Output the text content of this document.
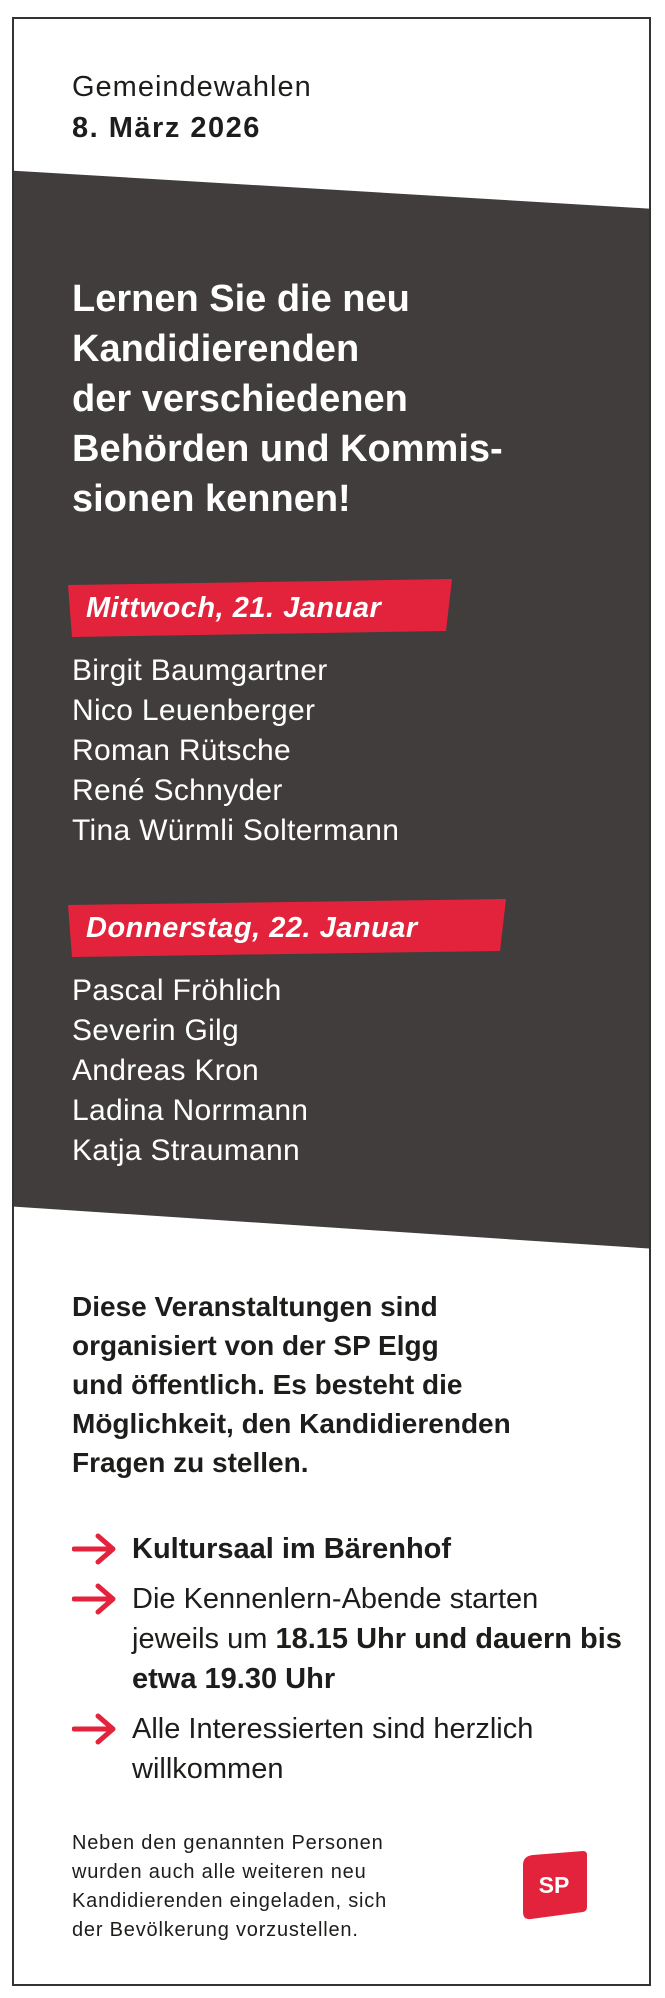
Gemeindewahlen
8. März 2026
Lernen Sie die neu
Kandidierenden
der verschiedenen
Behörden und Kommis-
sionen kennen!
Mittwoch, 21. Januar
Birgit Baumgartner
Nico Leuenberger
Roman Rütsche
René Schnyder
Tina Würmli Soltermann
Donnerstag, 22. Januar
Pascal Fröhlich
Severin Gilg
Andreas Kron
Ladina Norrmann
Katja Straumann

Diese Veranstaltungen sind
organisiert von der SP Elgg
und öffentlich. Es besteht die
Möglichkeit, den Kandidierenden
Fragen zu stellen.

Kultursaal im Bärenhof
Die Kennenlern-Abende starten jeweils um 18.15 Uhr und dauern bis etwa 19.30 Uhr
Alle Interessierten sind herzlich willkommen

Neben den genannten Personen
wurden auch alle weiteren neu
Kandidierenden eingeladen, sich
der Bevölkerung vorzustellen.

SP
